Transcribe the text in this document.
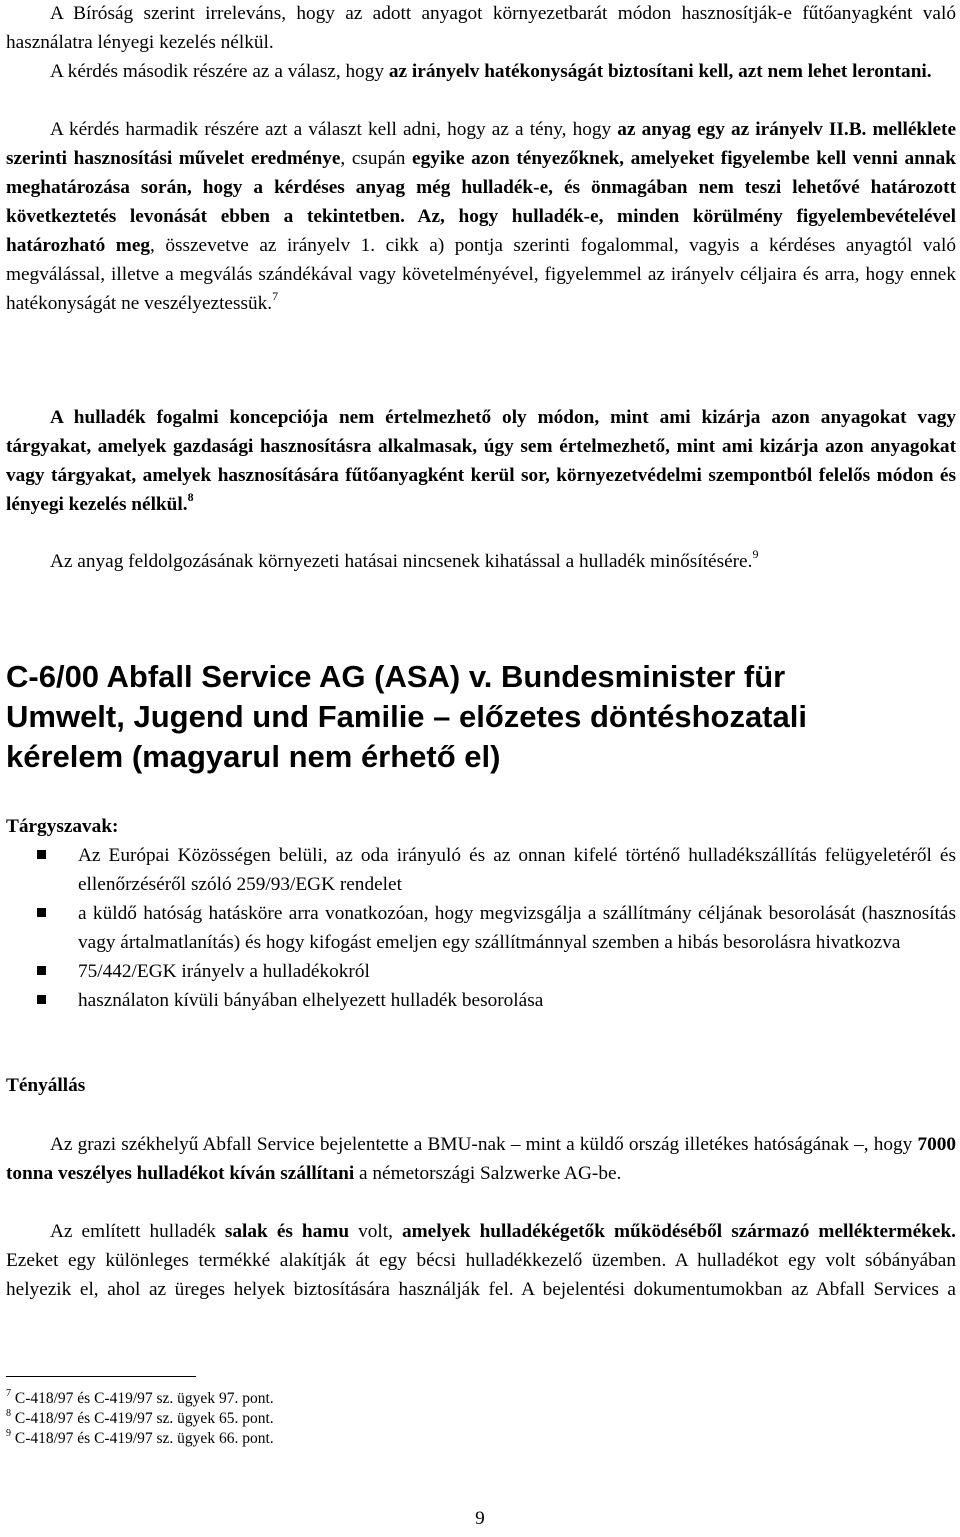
A Bíróság szerint irreleváns, hogy az adott anyagot környezetbarát módon hasznosítják-e fűtőanyagként való használatra lényegi kezelés nélkül.

A kérdés második részére az a válasz, hogy az irányelv hatékonyságát biztosítani kell, azt nem lehet lerontani.

A kérdés harmadik részére azt a választ kell adni, hogy az a tény, hogy az anyag egy az irányelv II.B. melléklete szerinti hasznosítási művelet eredménye, csupán egyike azon tényezőknek, amelyeket figyelembe kell venni annak meghatározása során, hogy a kérdéses anyag még hulladék-e, és önmagában nem teszi lehetővé határozott következtetés levonását ebben a tekintetben. Az, hogy hulladék-e, minden körülmény figyelembevételével határozható meg, összevetve az irányelv 1. cikk a) pontja szerinti fogalommal, vagyis a kérdéses anyagtól való megválással, illetve a megválás szándékával vagy követelményével, figyelemmel az irányelv céljaira és arra, hogy ennek hatékonyságát ne veszélyeztessük.$^7$

A hulladék fogalmi koncepciója nem értelmezhető oly módon, mint ami kizárja azon anyagokat vagy tárgyakat, amelyek gazdasági hasznosításra alkalmasak, úgy sem értelmezhető, mint ami kizárja azon anyagokat vagy tárgyakat, amelyek hasznosítására fűtőanyagként kerül sor, környezetvédelmi szempontból felelős módon és lényegi kezelés nélkül.$^8$

Az anyag feldolgozásának környezeti hatásai nincsenek kihatással a hulladék minősítésére.$^9$

C-6/00 Abfall Service AG (ASA) v. Bundesminister für Umwelt, Jugend und Familie – előzetes döntéshozatali kérelem (magyarul nem érhető el)
Tárgyszavak:
Az Európai Közösségen belüli, az oda irányuló és az onnan kifelé történő hulladékszállítás felügyeletéről és ellenőrzéséről szóló 259/93/EGK rendelet
a küldő hatóság hatásköre arra vonatkozóan, hogy megvizsgálja a szállítmány céljának besorolását (hasznosítás vagy ártalmatlanítás) és hogy kifogást emeljen egy szállítmánnyal szemben a hibás besorolásra hivatkozva
75/442/EGK irányelv a hulladékokról
használaton kívüli bányában elhelyezett hulladék besorolása
Tényállás

Az grazi székhelyű Abfall Service bejelentette a BMU-nak – mint a küldő ország illetékes hatóságának –, hogy 7000 tonna veszélyes hulladékot kíván szállítani a németországi Salzwerke AG-be.

Az említett hulladék salak és hamu volt, amelyek hulladékégetők működéséből származó melléktermékek. Ezeket egy különleges termékké alakítják át egy bécsi hulladékkezelő üzemben. A hulladékot egy volt sóbányában helyezik el, ahol az üreges helyek biztosítására használják fel. A bejelentési dokumentumokban az Abfall Services a

$^7$ C-418/97 és C-419/97 sz. ügyek 97. pont.

$^8$ C-418/97 és C-419/97 sz. ügyek 65. pont.

$^9$ C-418/97 és C-419/97 sz. ügyek 66. pont.

9
